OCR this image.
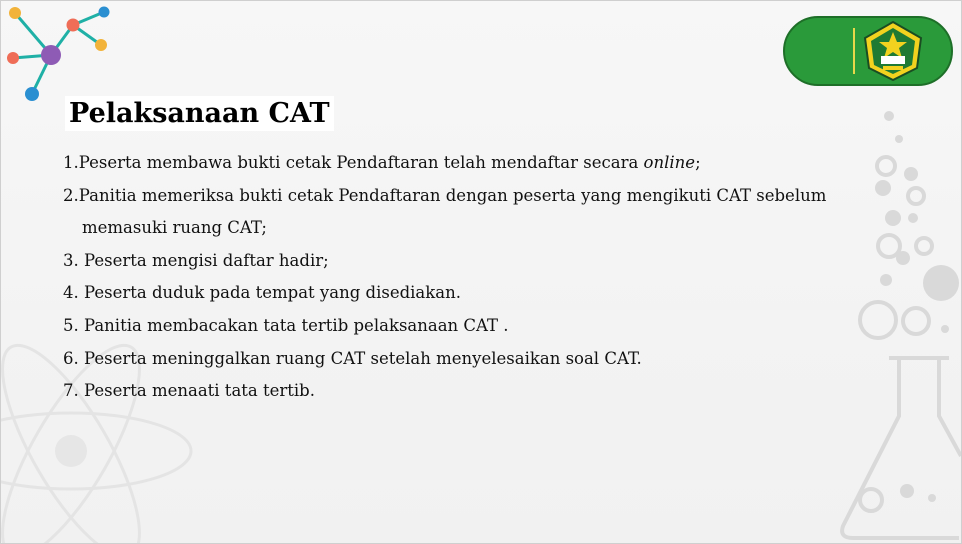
Pelaksanaan CAT

1.Peserta membawa bukti cetak Pendaftaran telah mendaftar secara online;

2.Panitia memeriksa bukti cetak Pendaftaran dengan peserta yang mengikuti CAT sebelum

memasuki ruang CAT;

3. Peserta mengisi daftar hadir;

4. Peserta duduk pada tempat yang disediakan.

5. Panitia membacakan tata tertib pelaksanaan CAT .

6. Peserta meninggalkan ruang CAT setelah menyelesaikan soal CAT.

7. Peserta menaati tata tertib.
